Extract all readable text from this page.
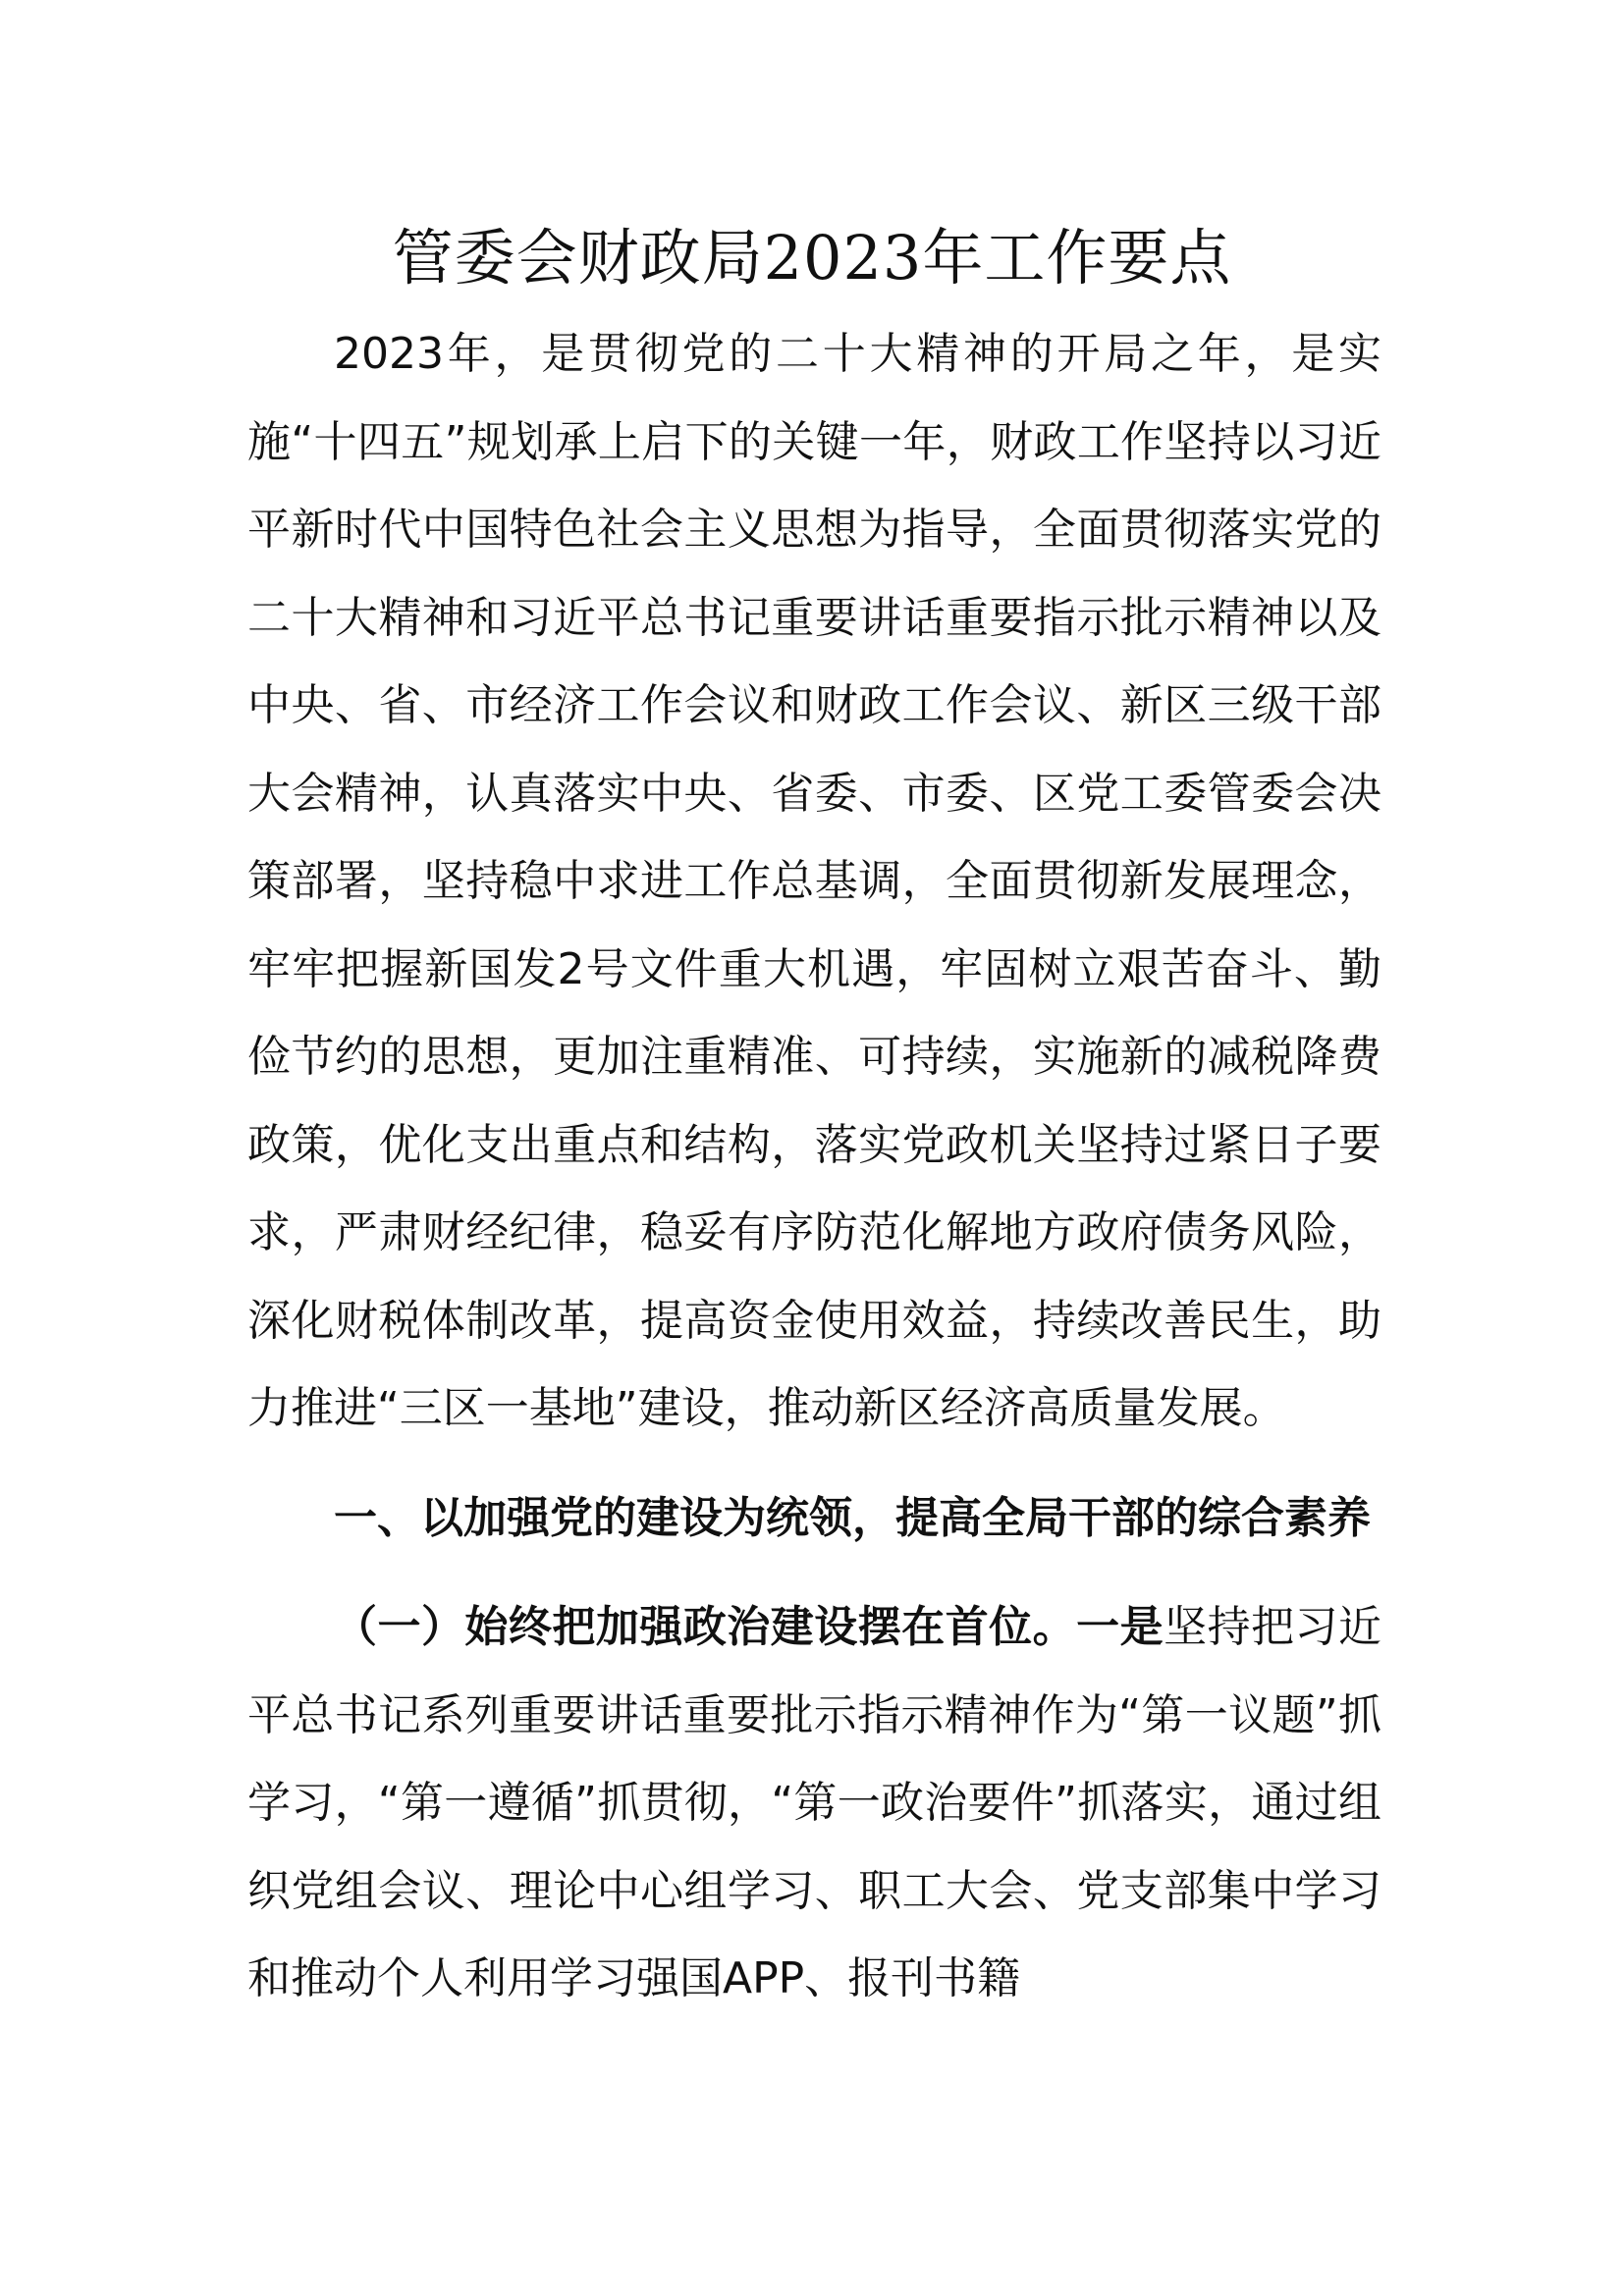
管委会财政局2023年工作要点

2023年，是贯彻党的二十大精神的开局之年，是实施“十四五”规划承上启下的关键一年，财政工作坚持以习近平新时代中国特色社会主义思想为指导，全面贯彻落实党的二十大精神和习近平总书记重要讲话重要指示批示精神以及中央、省、市经济工作会议和财政工作会议、新区三级干部大会精神，认真落实中央、省委、市委、区党工委管委会决策部署，坚持稳中求进工作总基调，全面贯彻新发展理念，牢牢把握新国发2号文件重大机遇，牢固树立艰苦奋斗、勤俭节约的思想，更加注重精准、可持续，实施新的减税降费政策，优化支出重点和结构，落实党政机关坚持过紧日子要求，严肃财经纪律，稳妥有序防范化解地方政府债务风险，深化财税体制改革，提高资金使用效益，持续改善民生，助力推进“三区一基地”建设，推动新区经济高质量发展。

一、以加强党的建设为统领，提高全局干部的综合素养

（一）始终把加强政治建设摆在首位。一是坚持把习近平总书记系列重要讲话重要批示指示精神作为“第一议题”抓学习，“第一遵循”抓贯彻，“第一政治要件”抓落实，通过组织党组会议、理论中心组学习、职工大会、党支部集中学习和推动个人利用学习强国APP、报刊书籍
